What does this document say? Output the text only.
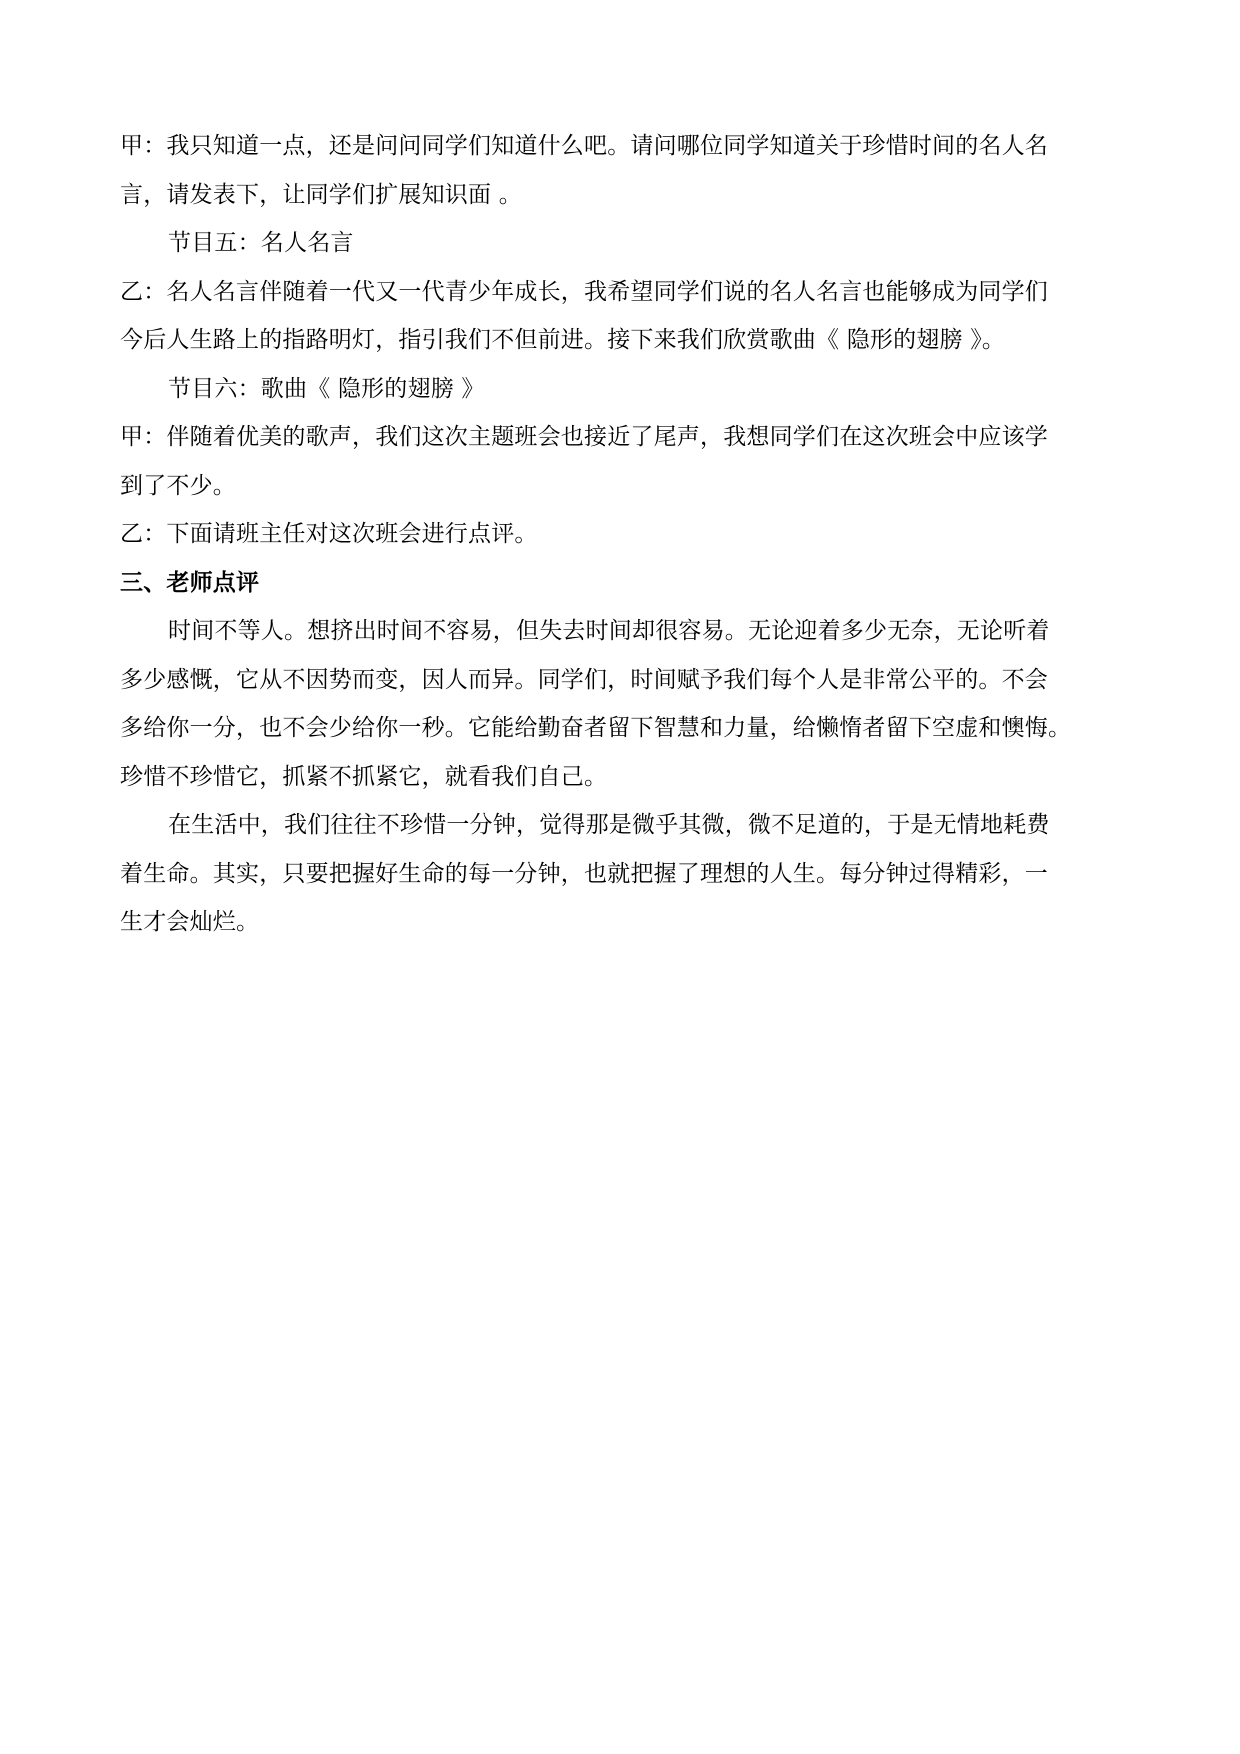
甲：我只知道一点，还是问问同学们知道什么吧。请问哪位同学知道关于珍惜时间的名人名
言，请发表下，让同学们扩展知识面 。
节目五：名人名言
乙：名人名言伴随着一代又一代青少年成长，我希望同学们说的名人名言也能够成为同学们
今后人生路上的指路明灯，指引我们不但前进。接下来我们欣赏歌曲《 隐形的翅膀 》。
节目六：歌曲《 隐形的翅膀 》
甲：伴随着优美的歌声，我们这次主题班会也接近了尾声，我想同学们在这次班会中应该学
到了不少。
乙：下面请班主任对这次班会进行点评。
三、老师点评
时间不等人。想挤出时间不容易，但失去时间却很容易。无论迎着多少无奈，无论听着
多少感慨，它从不因势而变，因人而异。同学们，时间赋予我们每个人是非常公平的。不会
多给你一分，也不会少给你一秒。它能给勤奋者留下智慧和力量，给懒惰者留下空虚和懊悔。
珍惜不珍惜它，抓紧不抓紧它，就看我们自己。
在生活中，我们往往不珍惜一分钟，觉得那是微乎其微，微不足道的，于是无情地耗费
着生命。其实，只要把握好生命的每一分钟，也就把握了理想的人生。每分钟过得精彩，一
生才会灿烂。
